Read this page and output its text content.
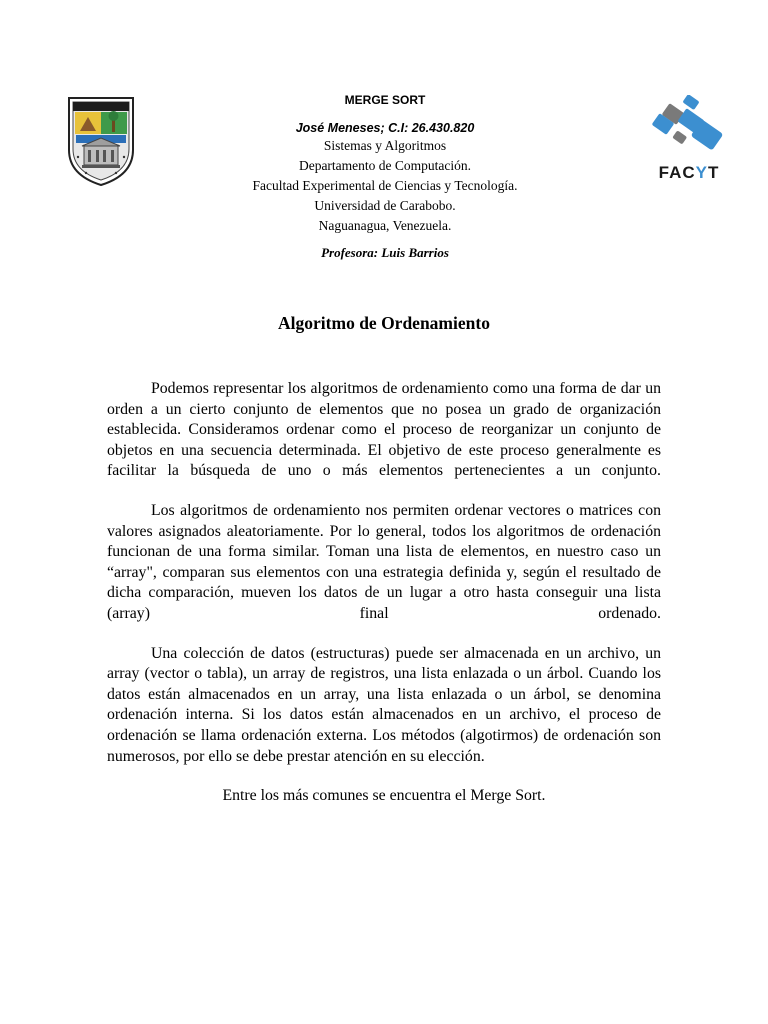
FACYT

MERGE SORT

José Meneses; C.I: 26.430.820

Sistemas y Algoritmos

Departamento de Computación.

Facultad Experimental de Ciencias y Tecnología.

Universidad de Carabobo.

Naguanagua, Venezuela.

Profesora: Luis Barrios

Algoritmo de Ordenamiento

Podemos representar los algoritmos de ordenamiento como una forma de dar un orden a un cierto conjunto de elementos que no posea un grado de organización establecida. Consideramos ordenar como el proceso de reorganizar un conjunto de objetos en una secuencia determinada. El objetivo de este proceso generalmente es facilitar la búsqueda de uno o más elementos pertenecientes a un conjunto.

Los algoritmos de ordenamiento nos permiten ordenar vectores o matrices con valores asignados aleatoriamente. Por lo general, todos los algoritmos de ordenación funcionan de una forma similar. Toman una lista de elementos, en nuestro caso un “array", comparan sus elementos con una estrategia definida y, según el resultado de dicha comparación, mueven los datos de un lugar a otro hasta conseguir una lista (array) final ordenado.

Una colección de datos (estructuras) puede ser almacenada en un archivo, un array (vector o tabla), un array de registros, una lista enlazada o un árbol. Cuando los datos están almacenados en un array, una lista enlazada o un árbol, se denomina ordenación interna. Si los datos están almacenados en un archivo, el proceso de ordenación se llama ordenación externa. Los métodos (algotirmos) de ordenación son numerosos, por ello se debe prestar atención en su elección.

Entre los más comunes se encuentra el Merge Sort.
